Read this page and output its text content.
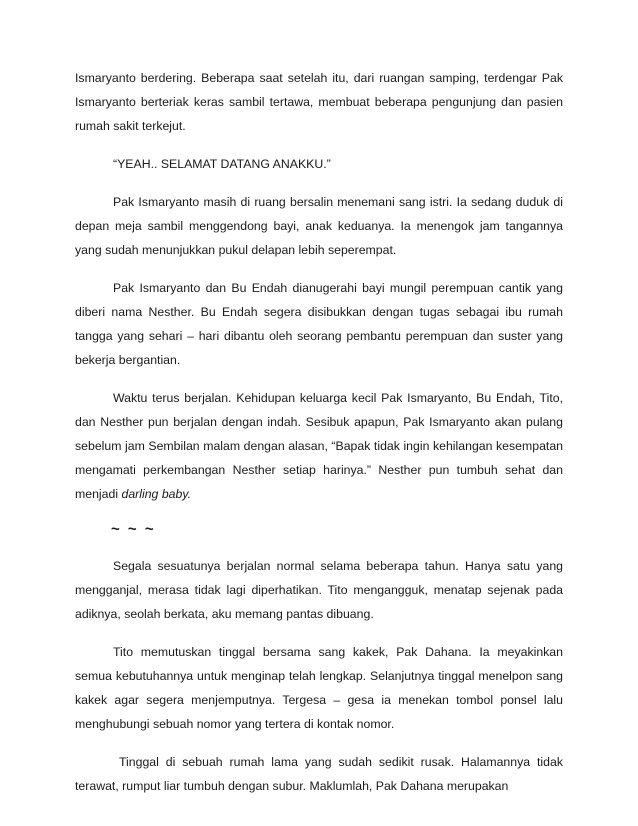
Ismaryanto berdering. Beberapa saat setelah itu, dari ruangan samping, terdengar Pak Ismaryanto berteriak keras sambil tertawa, membuat beberapa pengunjung dan pasien rumah sakit terkejut.

“YEAH.. SELAMAT DATANG ANAKKU.”

Pak Ismaryanto masih di ruang bersalin menemani sang istri. Ia sedang duduk di depan meja sambil menggendong bayi, anak keduanya. Ia menengok jam tangannya yang sudah menunjukkan pukul delapan lebih seperempat.

Pak Ismaryanto dan Bu Endah dianugerahi bayi mungil perempuan cantik yang diberi nama Nesther. Bu Endah segera disibukkan dengan tugas sebagai ibu rumah tangga yang sehari – hari dibantu oleh seorang pembantu perempuan dan suster yang bekerja bergantian.

Waktu terus berjalan. Kehidupan keluarga kecil Pak Ismaryanto, Bu Endah, Tito, dan Nesther pun berjalan dengan indah. Sesibuk apapun, Pak Ismaryanto akan pulang sebelum jam Sembilan malam dengan alasan, “Bapak tidak ingin kehilangan kesempatan mengamati perkembangan Nesther setiap harinya.” Nesther pun tumbuh sehat dan menjadi darling baby.

~ ~ ~

Segala sesuatunya berjalan normal selama beberapa tahun. Hanya satu yang mengganjal, merasa tidak lagi diperhatikan. Tito mengangguk, menatap sejenak pada adiknya, seolah berkata, aku memang pantas dibuang.

Tito memutuskan tinggal bersama sang kakek, Pak Dahana. Ia meyakinkan semua kebutuhannya untuk menginap telah lengkap. Selanjutnya tinggal menelpon sang kakek agar segera menjemputnya. Tergesa – gesa ia menekan tombol ponsel lalu menghubungi sebuah nomor yang tertera di kontak nomor.

Tinggal di sebuah rumah lama yang sudah sedikit rusak. Halamannya tidak terawat, rumput liar tumbuh dengan subur. Maklumlah, Pak Dahana merupakan
